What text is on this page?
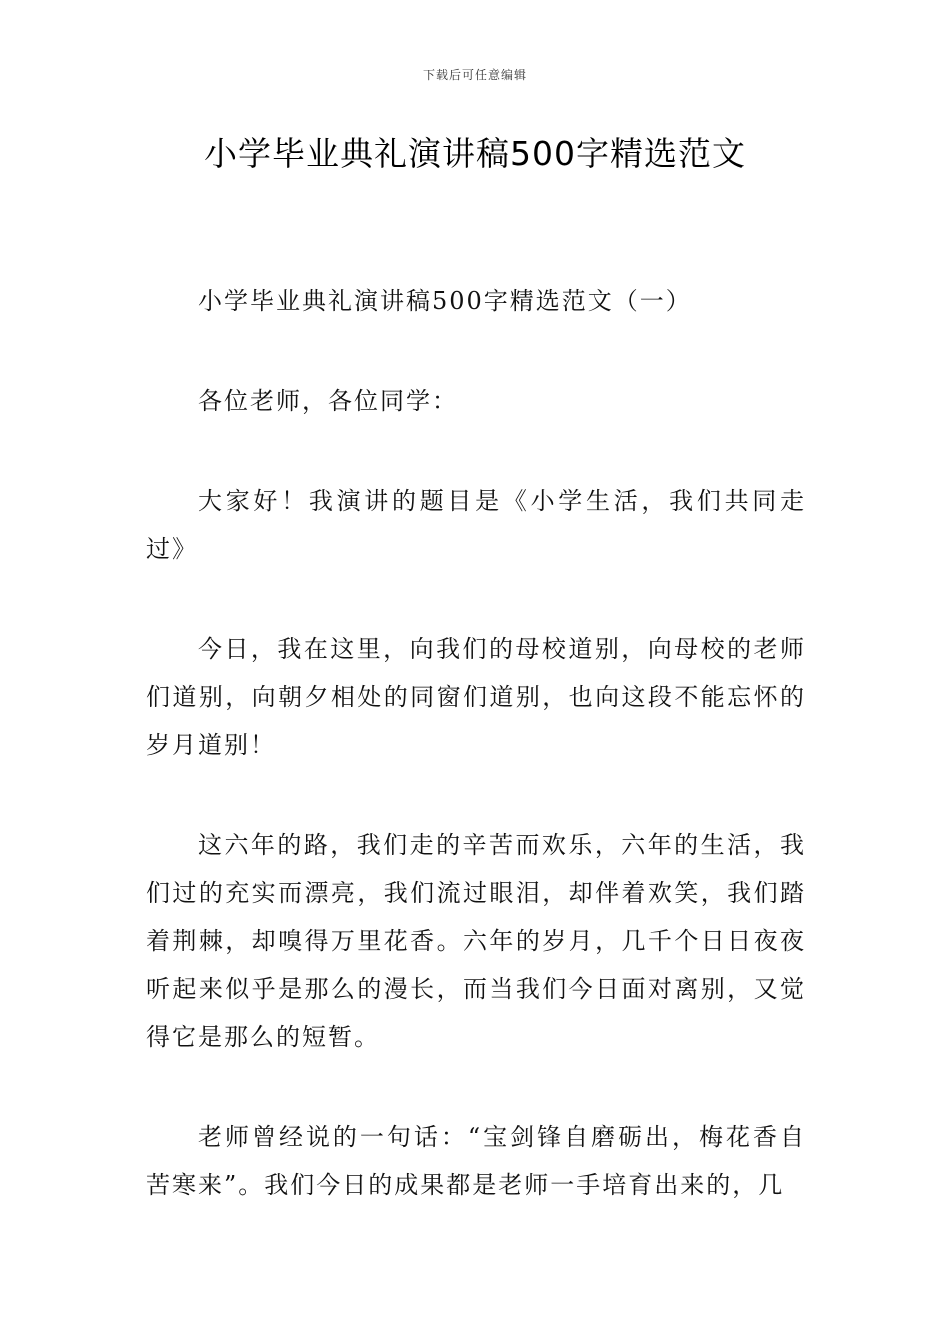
下载后可任意编辑
小学毕业典礼演讲稿500字精选范文

小学毕业典礼演讲稿500字精选范文（一）

各位老师，各位同学：

大家好！我演讲的题目是《小学生活，我们共同走过》

今日，我在这里，向我们的母校道别，向母校的老师们道别，向朝夕相处的同窗们道别，也向这段不能忘怀的岁月道别！

这六年的路，我们走的辛苦而欢乐，六年的生活，我们过的充实而漂亮，我们流过眼泪，却伴着欢笑，我们踏着荆棘，却嗅得万里花香。六年的岁月，几千个日日夜夜听起来似乎是那么的漫长，而当我们今日面对离别，又觉得它是那么的短暂。

老师曾经说的一句话：“宝剑锋自磨砺出，梅花香自苦寒来”。我们今日的成果都是老师一手培育出来的，几
